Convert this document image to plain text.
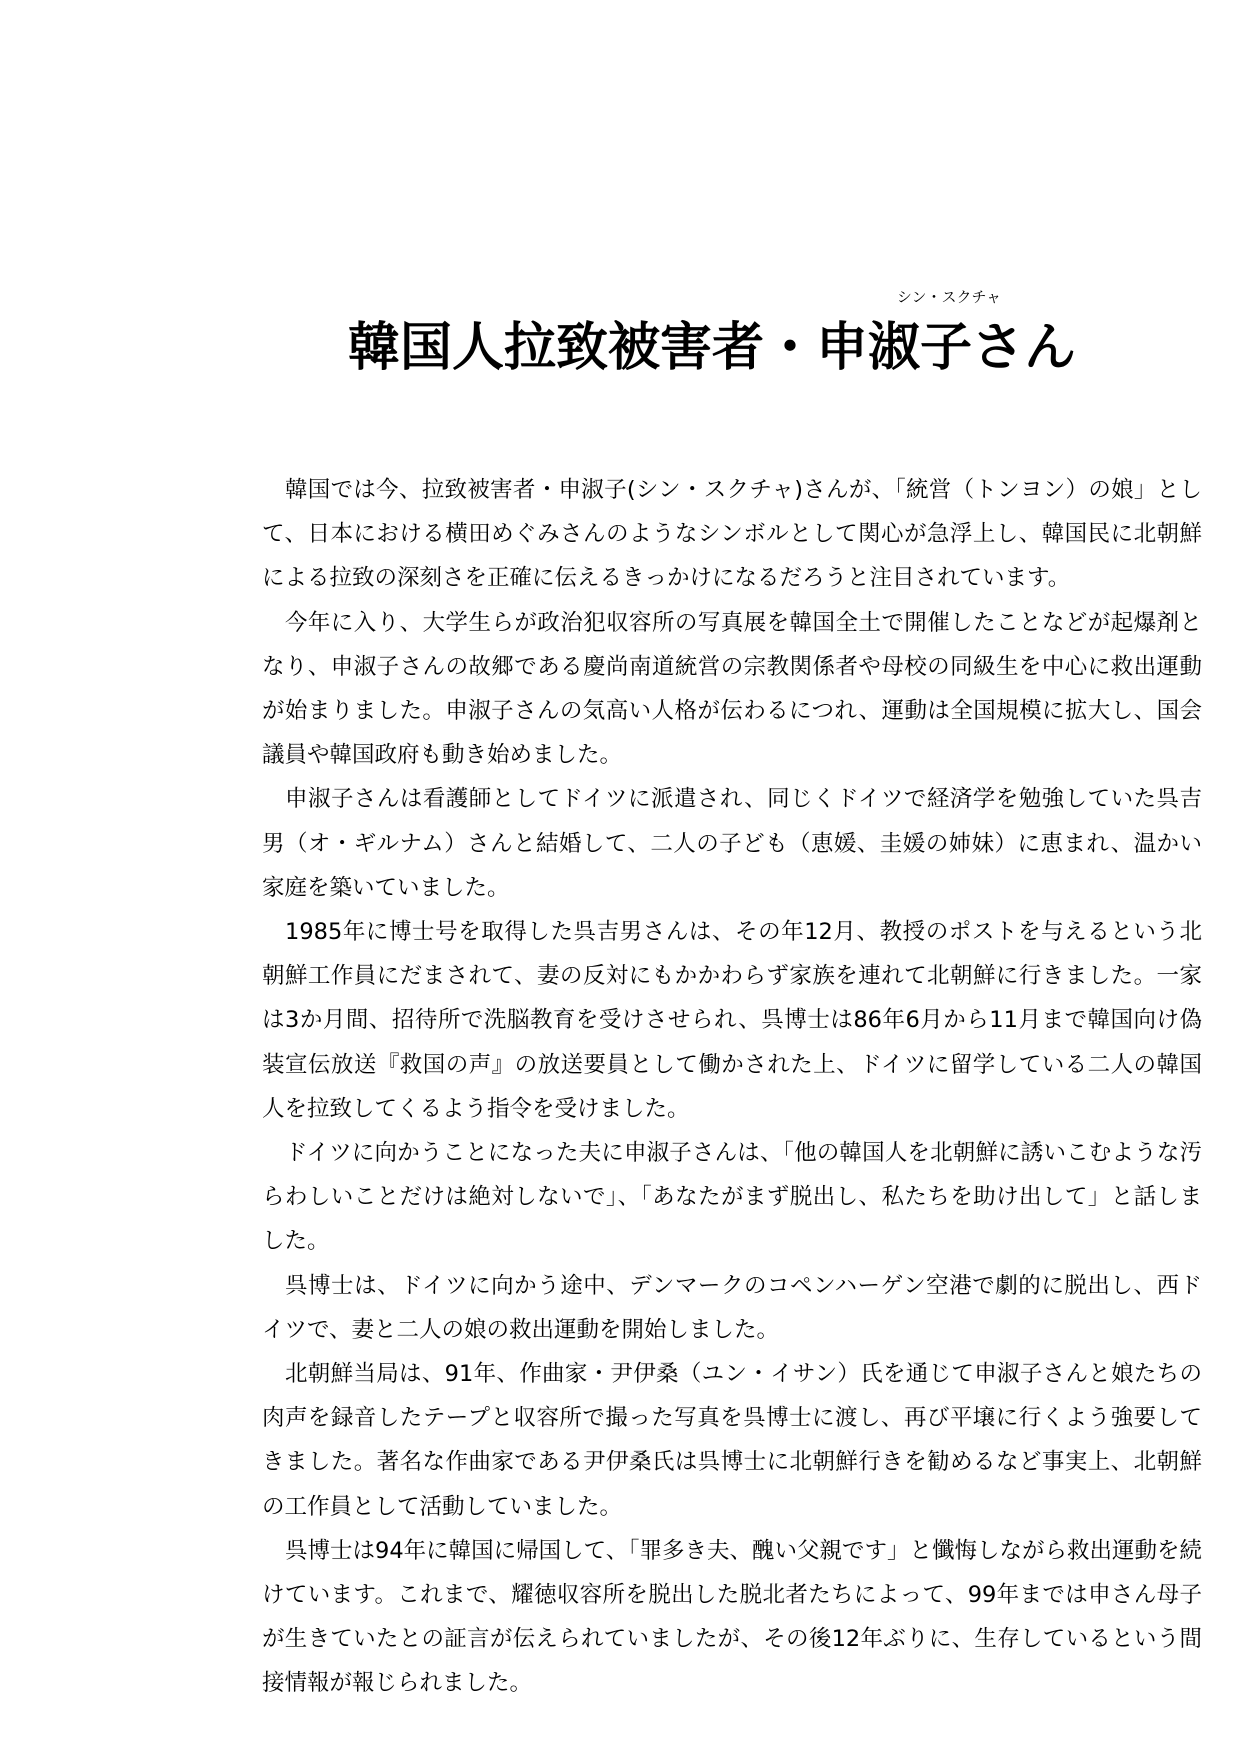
シン・スクチャ
韓国人拉致被害者・申淑子さん

韓国では今、拉致被害者・申淑子(シン・スクチャ)さんが、「統営（トンヨン）の娘」として、日本における横田めぐみさんのようなシンボルとして関心が急浮上し、韓国民に北朝鮮による拉致の深刻さを正確に伝えるきっかけになるだろうと注目されています。

今年に入り、大学生らが政治犯収容所の写真展を韓国全土で開催したことなどが起爆剤となり、申淑子さんの故郷である慶尚南道統営の宗教関係者や母校の同級生を中心に救出運動が始まりました。申淑子さんの気高い人格が伝わるにつれ、運動は全国規模に拡大し、国会議員や韓国政府も動き始めました。

申淑子さんは看護師としてドイツに派遣され、同じくドイツで経済学を勉強していた呉吉男（オ・ギルナム）さんと結婚して、二人の子ども（恵媛、圭媛の姉妹）に恵まれ、温かい家庭を築いていました。

1985年に博士号を取得した呉吉男さんは、その年12月、教授のポストを与えるという北朝鮮工作員にだまされて、妻の反対にもかかわらず家族を連れて北朝鮮に行きました。一家は3か月間、招待所で洗脳教育を受けさせられ、呉博士は86年6月から11月まで韓国向け偽装宣伝放送『救国の声』の放送要員として働かされた上、ドイツに留学している二人の韓国人を拉致してくるよう指令を受けました。

ドイツに向かうことになった夫に申淑子さんは、「他の韓国人を北朝鮮に誘いこむような汚らわしいことだけは絶対しないで」、「あなたがまず脱出し、私たちを助け出して」と話しました。

呉博士は、ドイツに向かう途中、デンマークのコペンハーゲン空港で劇的に脱出し、西ドイツで、妻と二人の娘の救出運動を開始しました。

北朝鮮当局は、91年、作曲家・尹伊桑（ユン・イサン）氏を通じて申淑子さんと娘たちの肉声を録音したテープと収容所で撮った写真を呉博士に渡し、再び平壌に行くよう強要してきました。著名な作曲家である尹伊桑氏は呉博士に北朝鮮行きを勧めるなど事実上、北朝鮮の工作員として活動していました。

呉博士は94年に韓国に帰国して、「罪多き夫、醜い父親です」と懺悔しながら救出運動を続けています。これまで、耀徳収容所を脱出した脱北者たちによって、99年までは申さん母子が生きていたとの証言が伝えられていましたが、その後12年ぶりに、生存しているという間接情報が報じられました。
